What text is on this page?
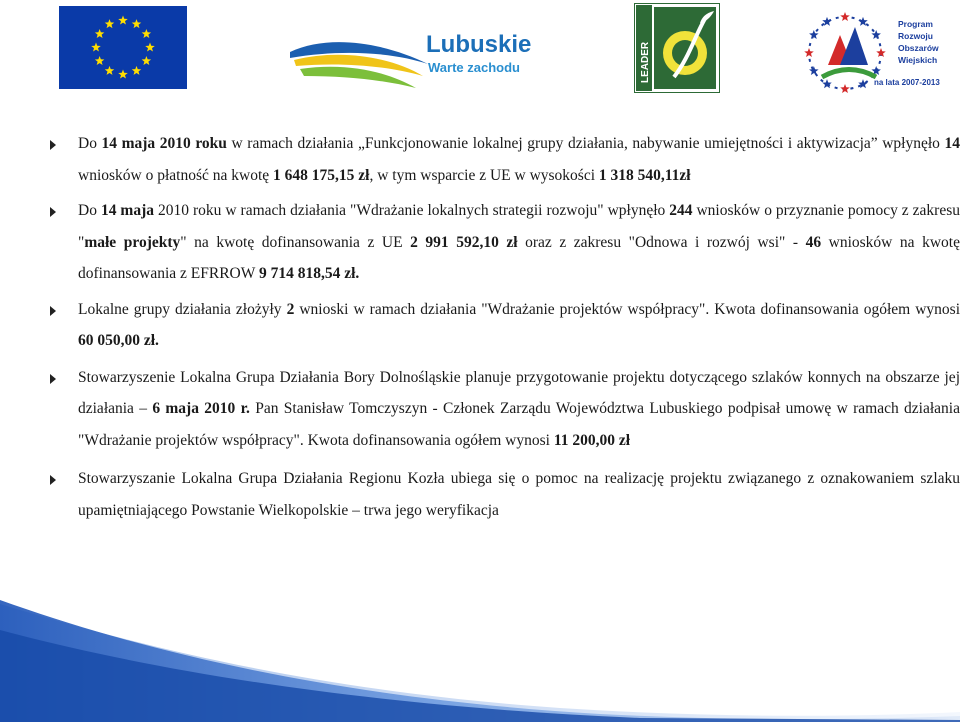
Lubuskie
Warte zachodu	LEADER
Program
Rozwoju
Obszarów
Wiejskich
na lata 2007-2013
Do 14 maja 2010 roku w ramach działania „Funkcjonowanie lokalnej grupy działania, nabywanie umiejętności i aktywizacja” wpłynęło 14 wniosków o płatność na kwotę 1 648 175,15 zł, w tym wsparcie z UE w wysokości 1 318 540,11zł
Do 14 maja 2010 roku w ramach działania "Wdrażanie lokalnych strategii rozwoju" wpłynęło 244 wniosków o przyznanie pomocy z zakresu "małe projekty" na kwotę dofinansowania z UE 2 991 592,10 zł oraz z zakresu "Odnowa i rozwój wsi" - 46 wniosków na kwotę dofinansowania z EFRROW 9 714 818,54 zł.
Lokalne grupy działania złożyły 2 wnioski w ramach działania "Wdrażanie projektów współpracy". Kwota dofinansowania ogółem wynosi 60 050,00 zł.
Stowarzyszenie Lokalna Grupa Działania Bory Dolnośląskie planuje przygotowanie projektu dotyczącego szlaków konnych na obszarze jej działania – 6 maja 2010 r. Pan Stanisław Tomczyszyn - Członek Zarządu Województwa Lubuskiego podpisał umowę w ramach działania "Wdrażanie projektów współpracy". Kwota dofinansowania ogółem wynosi 11 200,00 zł
Stowarzyszanie Lokalna Grupa Działania Regionu Kozła ubiega się o pomoc na realizację projektu związanego z oznakowaniem szlaku upamiętniającego Powstanie Wielkopolskie – trwa jego weryfikacja
